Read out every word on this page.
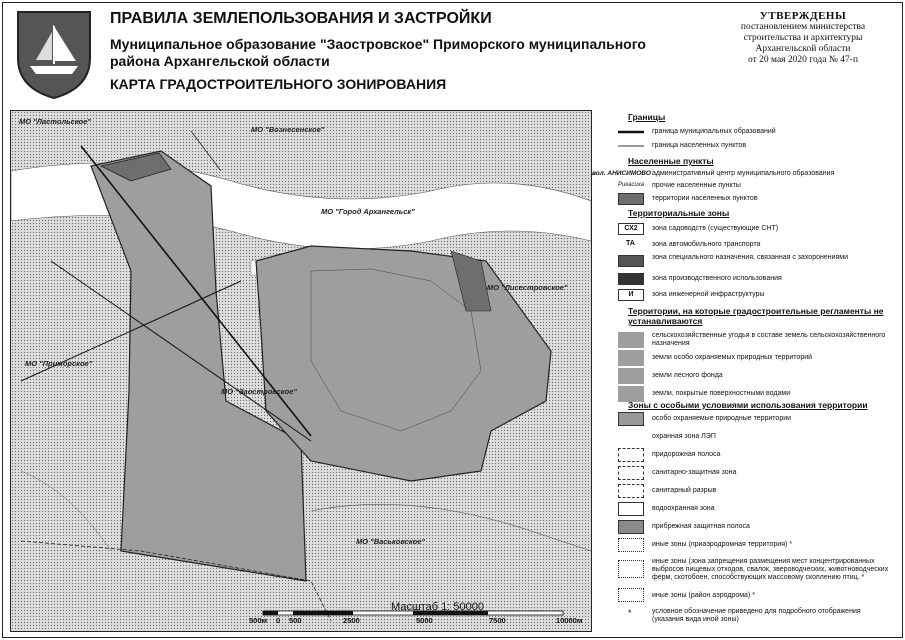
ПРАВИЛА ЗЕМЛЕПОЛЬЗОВАНИЯ И ЗАСТРОЙКИ
Муниципальное образование "Заостровское" Приморского муниципального района Архангельской области
КАРТА ГРАДОСТРОИТЕЛЬНОГО ЗОНИРОВАНИЯ
УТВЕРЖДЕНЫ
постановлением министерства
строительства и архитектуры
Архангельской области
от 20 мая 2020 года № 47-п
МО "Ластольское"
МО "Вознесенское"
МО "Город Архангельск"
МО "Лисестровское"
МО "Приморское"
МО "Заостровское"
МО "Васьковское"
Масштаб 1: 50000
500м 0 500	2500	5000	7500	10000м
Границы
граница муниципальных образований
граница населенных пунктов
Населенные пункты
вол. АНИСИМОВО административный центр муниципального образования
Рикасиха прочие населенные пункты
территории населенных пунктов
Территориальные зоны
СХ2	зона садоводств (существующие СНТ)
ТА зона автомобильного транспорта
зона специального назначения, связанная с захоронениями
зона производственного использования
И	зона инженерной инфраструктуры
Территории, на которые градостроительные регламенты не устанавливаются
сельскохозяйственные угодья в составе земель сельскохозяйственного назначения
земли особо охраняемых природных территорий
земли лесного фонда
земли, покрытые поверхностными водами
Зоны с особыми условиями использования территории
особо охраняемые природные территории
охранная зона ЛЭП
придорожная полоса
санитарно-защитная зона
санитарный разрыв
водоохранная зона
прибрежная защитная полоса
иные зоны (приаэродромная территория) *
иные зоны (зона запрещения размещения мест концентрированных выбросов пищевых отходов, свалок, звероводческих, животноводческих ферм, скотобоен, способствующих массовому скоплению птиц. *
иные зоны (район аэродрома) *
*	условное обозначение приведено для подробного отображения (указания вида иной зоны)
